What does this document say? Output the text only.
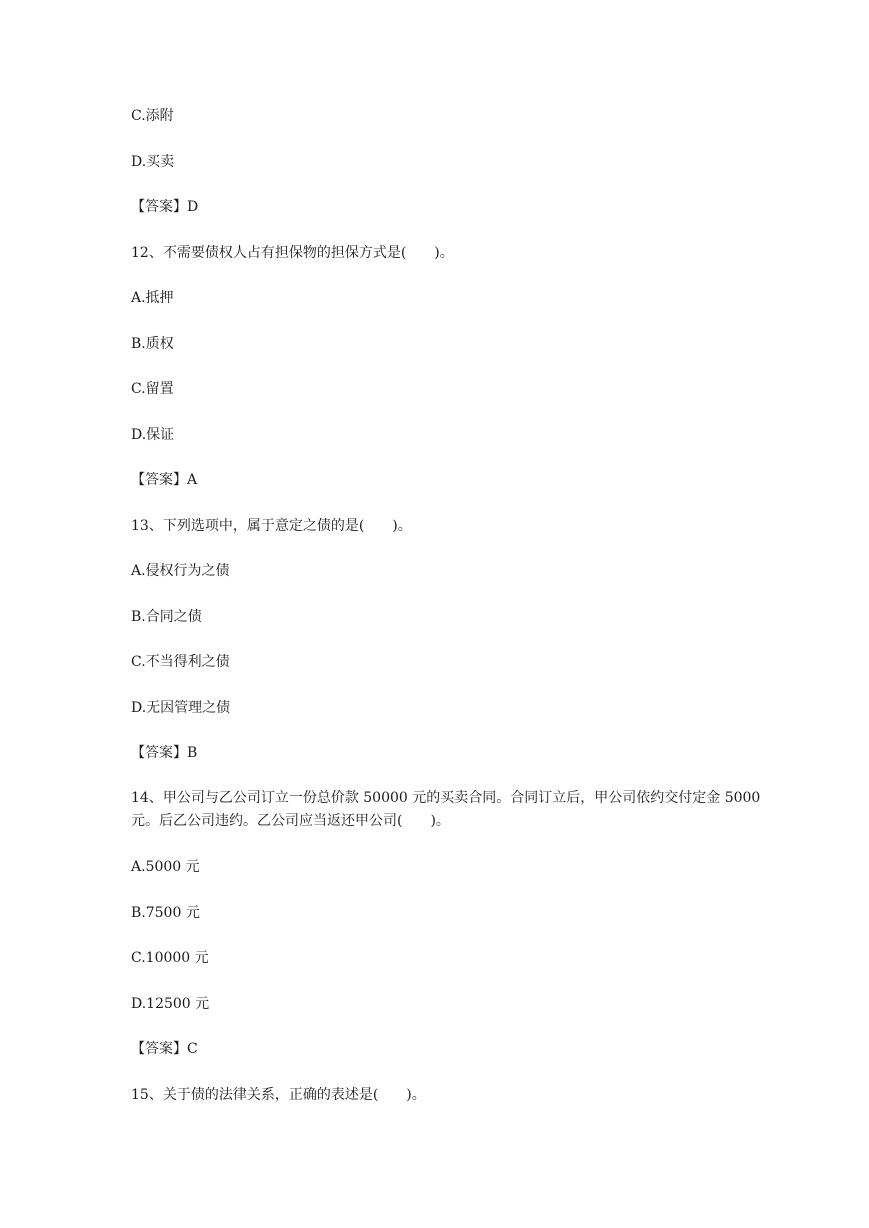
C.添附
D.买卖
【答案】D
12、不需要债权人占有担保物的担保方式是(　　)。
A.抵押
B.质权
C.留置
D.保证
【答案】A
13、下列选项中，属于意定之债的是(　　)。
A.侵权行为之债
B.合同之债
C.不当得利之债
D.无因管理之债
【答案】B
14、甲公司与乙公司订立一份总价款 50000 元的买卖合同。合同订立后，甲公司依约交付定金 5000 元。后乙公司违约。乙公司应当返还甲公司(　　)。
A.5000 元
B.7500 元
C.10000 元
D.12500 元
【答案】C
15、关于债的法律关系，正确的表述是(　　)。
